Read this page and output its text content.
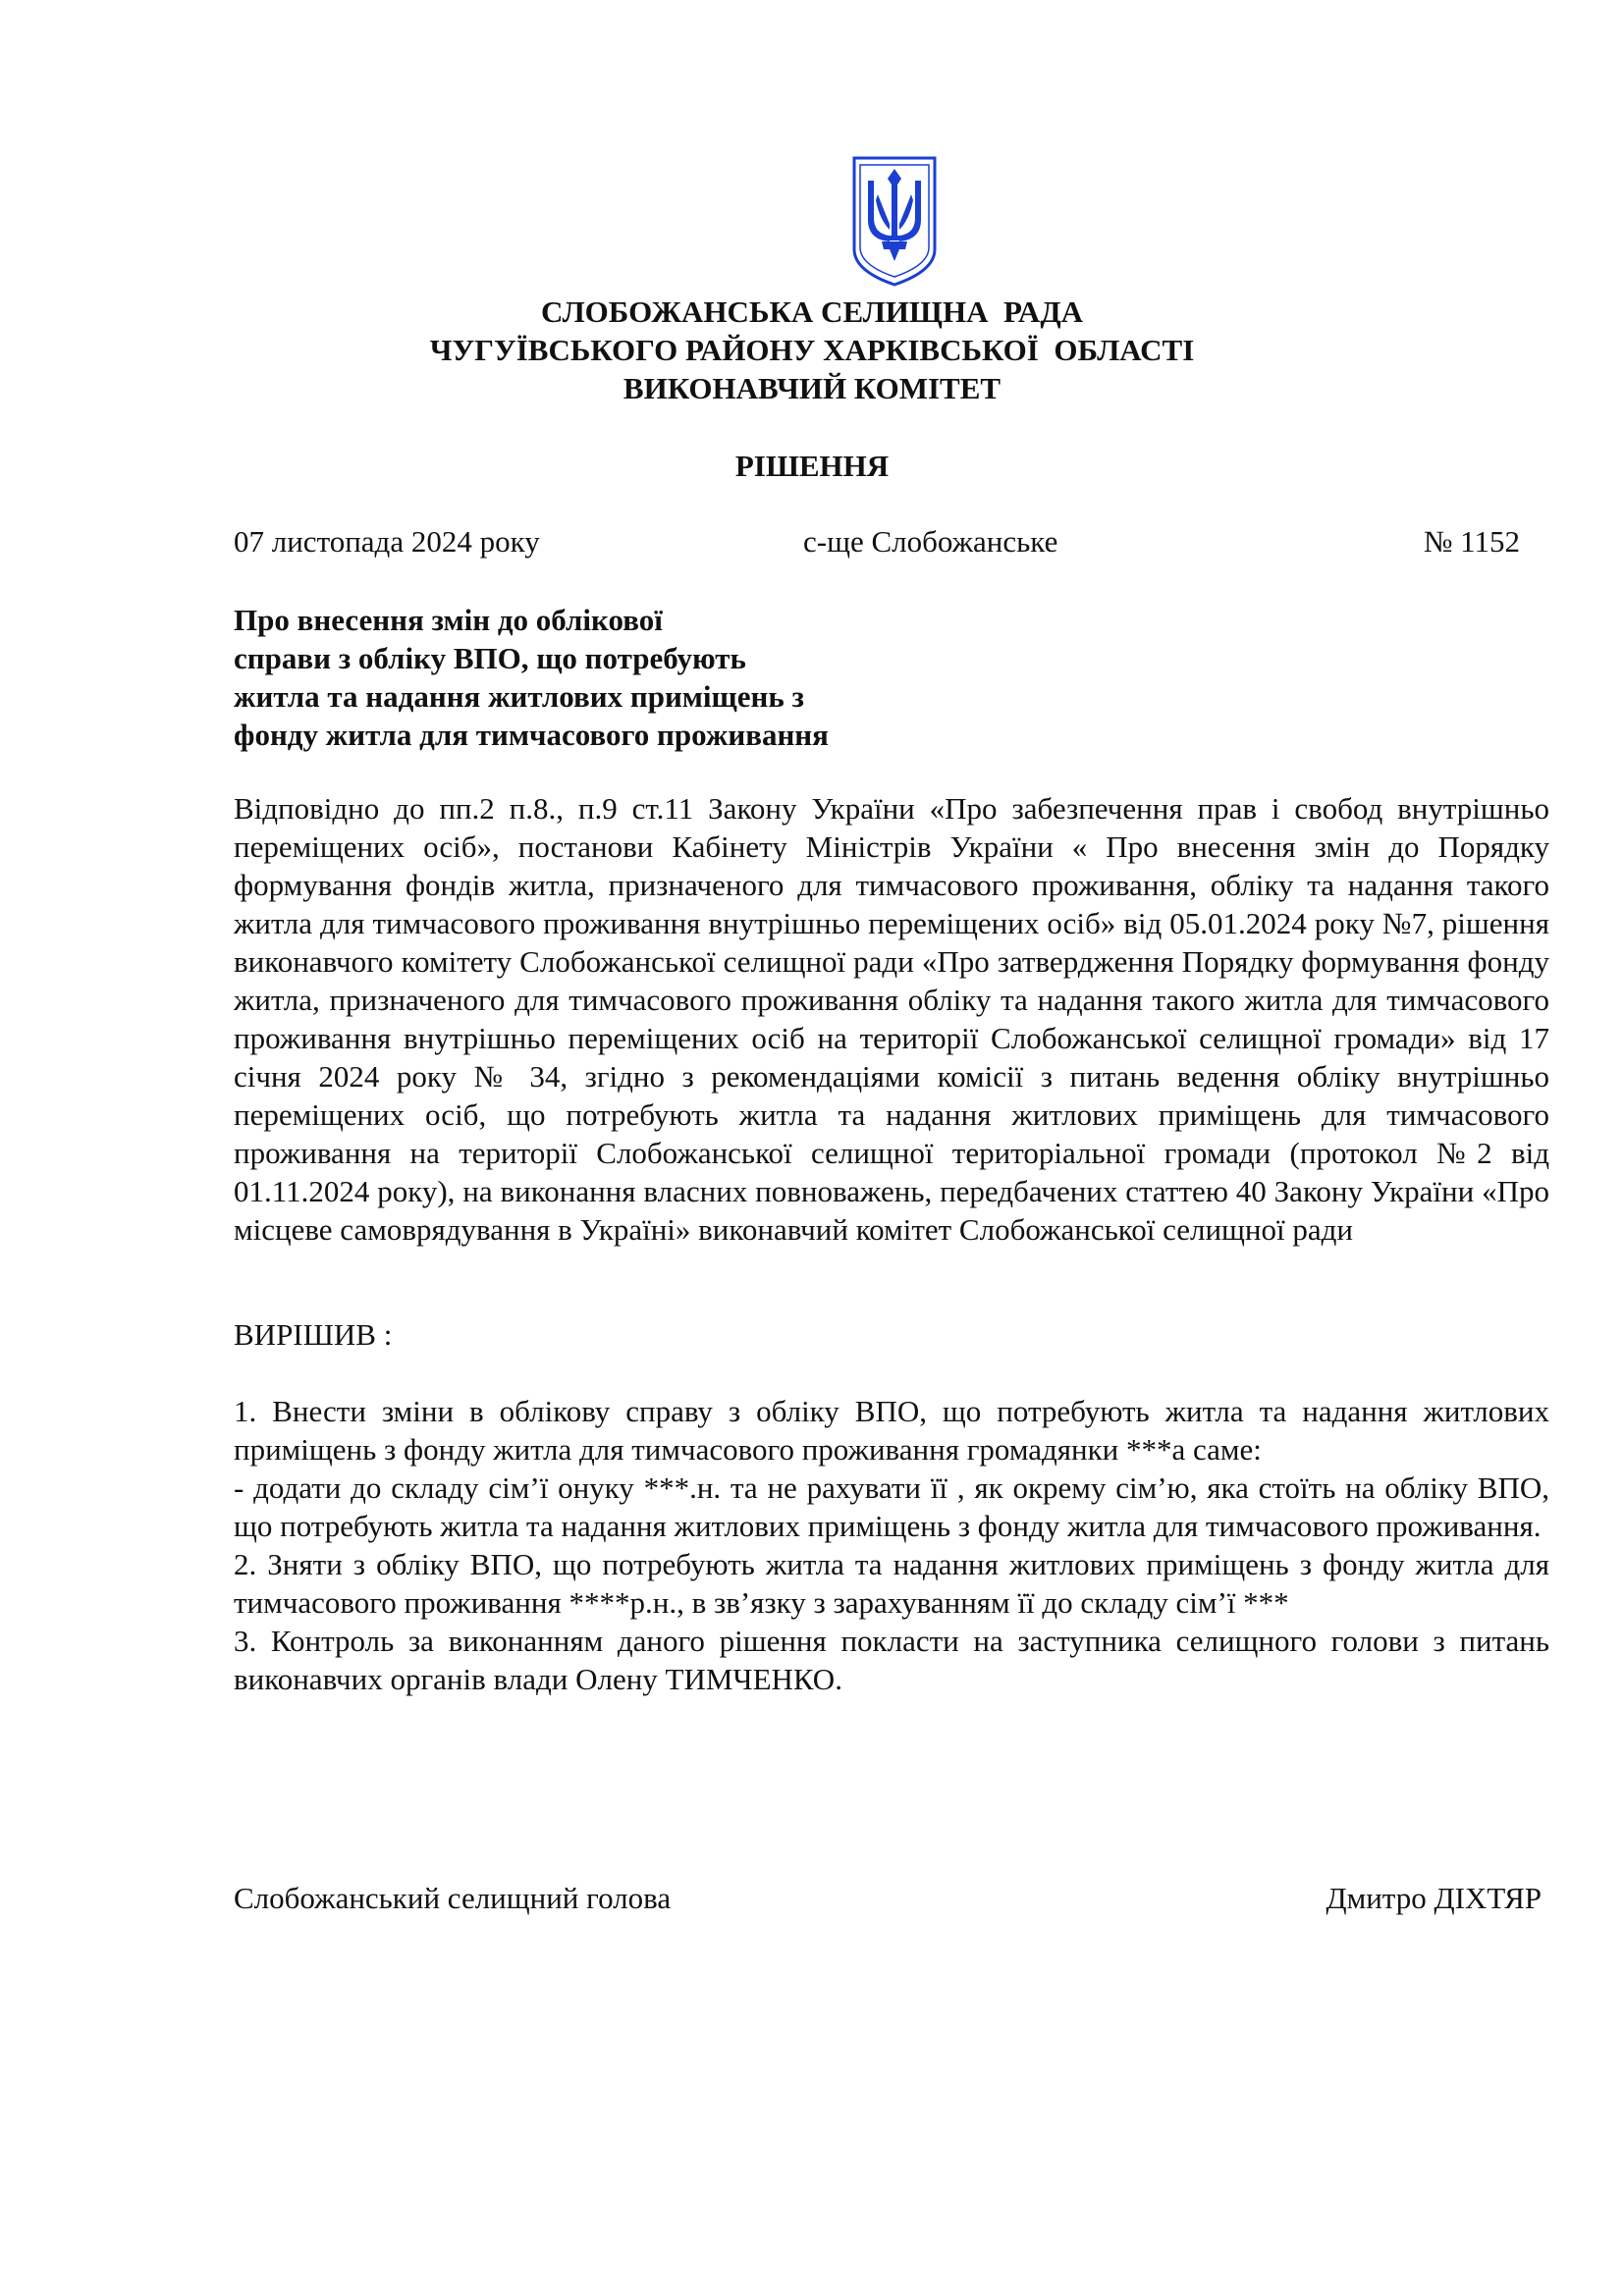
СЛОБОЖАНСЬКА СЕЛИЩНА  РАДА
ЧУГУЇВСЬКОГО РАЙОНУ ХАРКІВСЬКОЇ  ОБЛАСТІ
ВИКОНАВЧИЙ КОМІТЕТ
РІШЕННЯ
07 листопада 2024 року	с-ще Слобожанське	№ 1152
Про внесення змін до облікової
справи з обліку ВПО, що потребують
житла та надання житлових приміщень з
фонду житла для тимчасового проживання
Відповідно до пп.2 п.8., п.9 ст.11 Закону України «Про забезпечення прав і свобод внутрішньо переміщених осіб», постанови Кабінету Міністрів України « Про внесення змін до Порядку формування фондів житла, призначеного для тимчасового проживання, обліку та надання такого житла для тимчасового проживання внутрішньо переміщених осіб» від 05.01.2024 року №7, рішення виконавчого комітету Слобожанської селищної ради «Про затвердження Порядку формування фонду житла, призначеного для тимчасового проживання обліку та надання такого житла для тимчасового проживання внутрішньо переміщених осіб на території Слобожанської селищної громади» від 17 січня 2024 року № 34, згідно з рекомендаціями комісії з питань ведення обліку внутрішньо переміщених осіб, що потребують житла та надання житлових приміщень для тимчасового проживання на території Слобожанської селищної територіальної громади (протокол №2 від 01.11.2024 року), на виконання власних повноважень, передбачених статтею 40 Закону України «Про місцеве самоврядування в Україні» виконавчий комітет Слобожанської селищної ради
ВИРІШИВ :

1. Внести зміни в облікову справу з обліку ВПО, що потребують житла та надання житлових приміщень з фонду житла для тимчасового проживання громадянки ***а саме:

- додати до складу сім’ї онуку ***.н. та не рахувати її , як окрему сім’ю, яка стоїть на обліку ВПО, що потребують житла та надання житлових приміщень з фонду житла для тимчасового проживання.

2. Зняти з обліку ВПО, що потребують житла та надання житлових приміщень з фонду житла для тимчасового проживання ****р.н., в зв’язку з зарахуванням її до складу сім’ї ***

3. Контроль за виконанням даного рішення покласти на заступника селищного голови з питань виконавчих органів влади Олену ТИМЧЕНКО.

Слобожанський селищний голова	Дмитро ДІХТЯР
